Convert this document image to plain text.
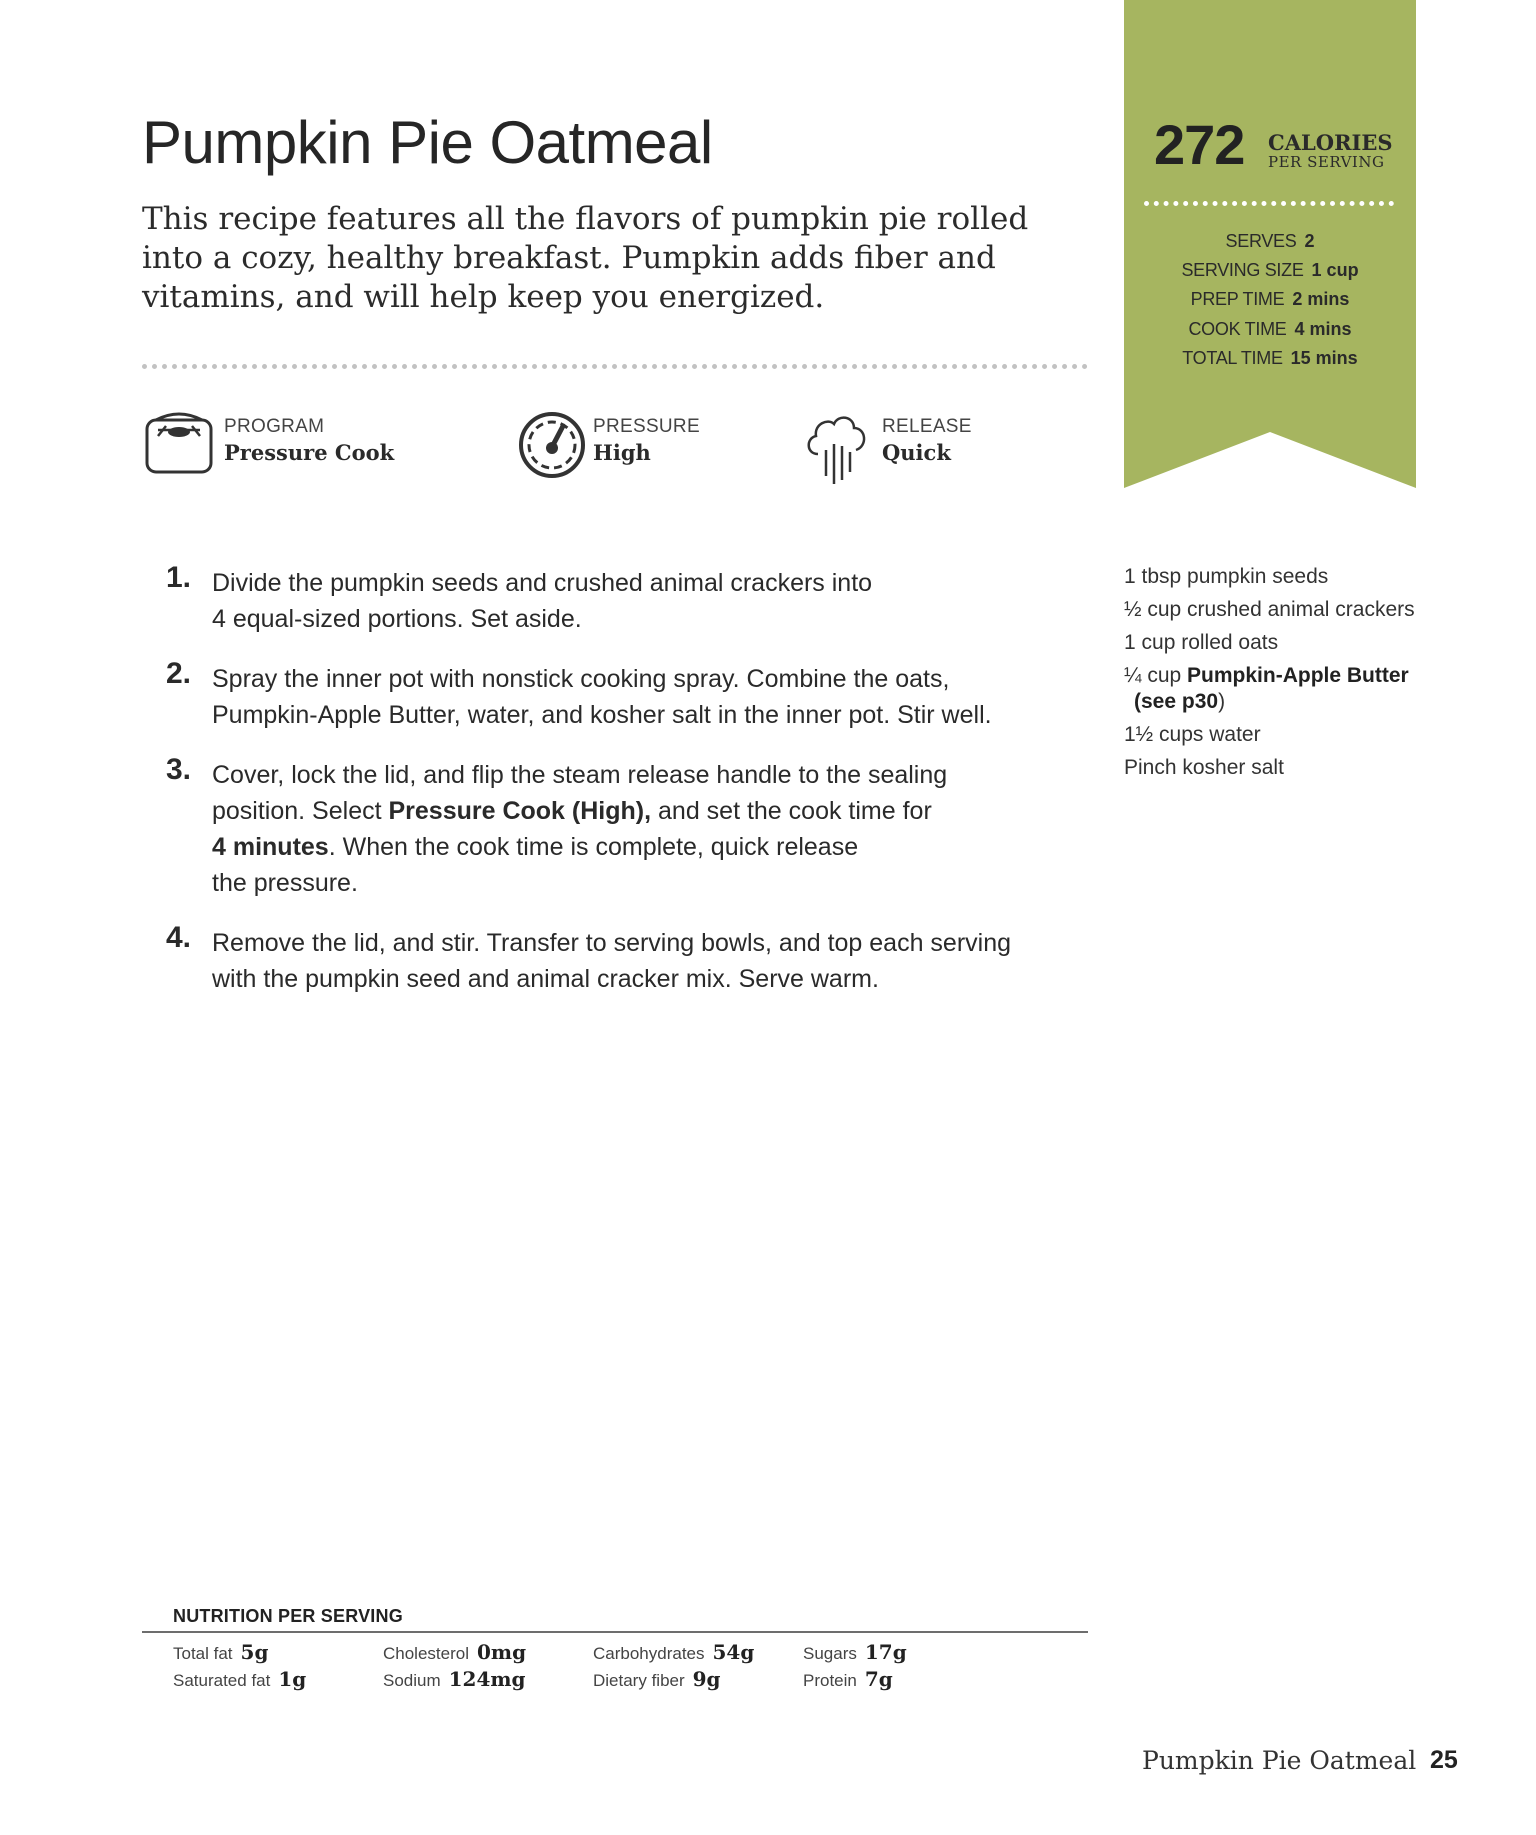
Pumpkin Pie Oatmeal
This recipe features all the flavors of pumpkin pie rolled
into a cozy, healthy breakfast. Pumpkin adds fiber and
vitamins, and will help keep you energized.
PROGRAM
Pressure Cook
PRESSURE
High
RELEASE
Quick
272 CALORIES
PER SERVING
SERVES 2
SERVING SIZE 1 cup
PREP TIME 2 mins
COOK TIME 4 mins
TOTAL TIME 15 mins
1. Divide the pumpkin seeds and crushed animal crackers into
4 equal-sized portions. Set aside.
2. Spray the inner pot with nonstick cooking spray. Combine the oats,
Pumpkin-Apple Butter, water, and kosher salt in the inner pot. Stir well.
3. Cover, lock the lid, and flip the steam release handle to the sealing
position. Select Pressure Cook (High), and set the cook time for
4 minutes. When the cook time is complete, quick release
the pressure.
4. Remove the lid, and stir. Transfer to serving bowls, and top each serving
with the pumpkin seed and animal cracker mix. Serve warm.
1 tbsp pumpkin seeds
½ cup crushed animal crackers
1 cup rolled oats
¼ cup Pumpkin-Apple Butter
(see p30)
1½ cups water
Pinch kosher salt
NUTRITION PER SERVING
Total fat 5g
Saturated fat 1g
Cholesterol 0mg
Sodium 124mg
Carbohydrates 54g
Dietary fiber 9g
Sugars 17g
Protein 7g
Pumpkin Pie Oatmeal 25
